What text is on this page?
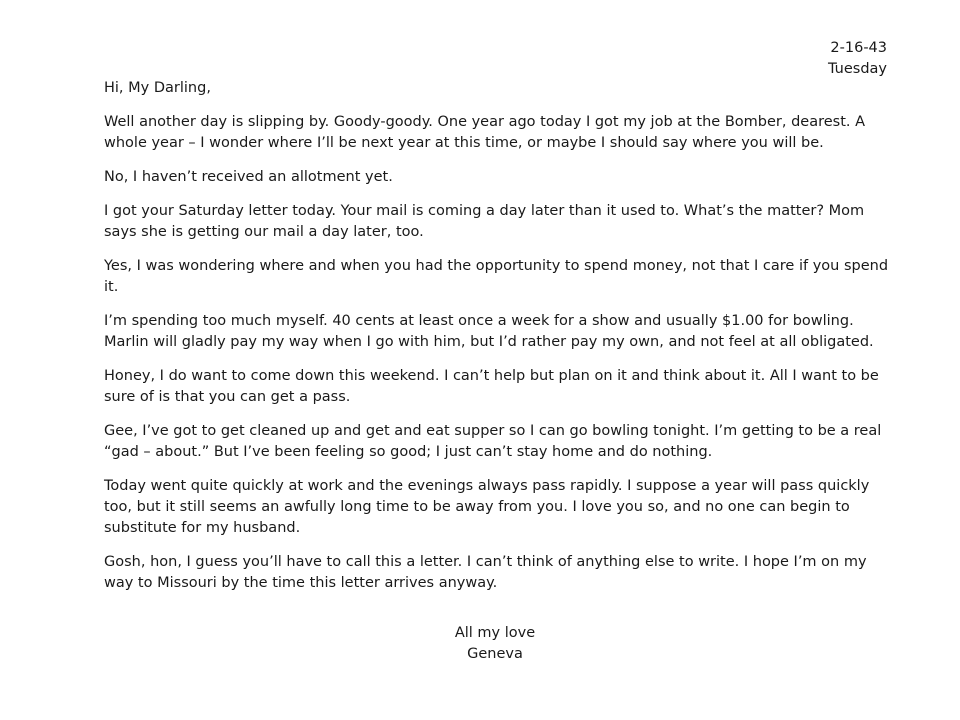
2-16-43
Tuesday

Hi, My Darling,

Well another day is slipping by. Goody-goody. One year ago today I got my job at the Bomber, dearest. A whole year – I wonder where I’ll be next year at this time, or maybe I should say where you will be.

No, I haven’t received an allotment yet.

I got your Saturday letter today. Your mail is coming a day later than it used to. What’s the matter? Mom says she is getting our mail a day later, too.

Yes, I was wondering where and when you had the opportunity to spend money, not that I care if you spend it.

I’m spending too much myself. 40 cents at least once a week for a show and usually $1.00 for bowling. Marlin will gladly pay my way when I go with him, but I’d rather pay my own, and not feel at all obligated.

Honey, I do want to come down this weekend. I can’t help but plan on it and think about it. All I want to be sure of is that you can get a pass.

Gee, I’ve got to get cleaned up and get and eat supper so I can go bowling tonight. I’m getting to be a real “gad – about.” But I’ve been feeling so good; I just can’t stay home and do nothing.

Today went quite quickly at work and the evenings always pass rapidly. I suppose a year will pass quickly too, but it still seems an awfully long time to be away from you. I love you so, and no one can begin to substitute for my husband.

Gosh, hon, I guess you’ll have to call this a letter. I can’t think of anything else to write. I hope I’m on my way to Missouri by the time this letter arrives anyway.

All my love
Geneva
